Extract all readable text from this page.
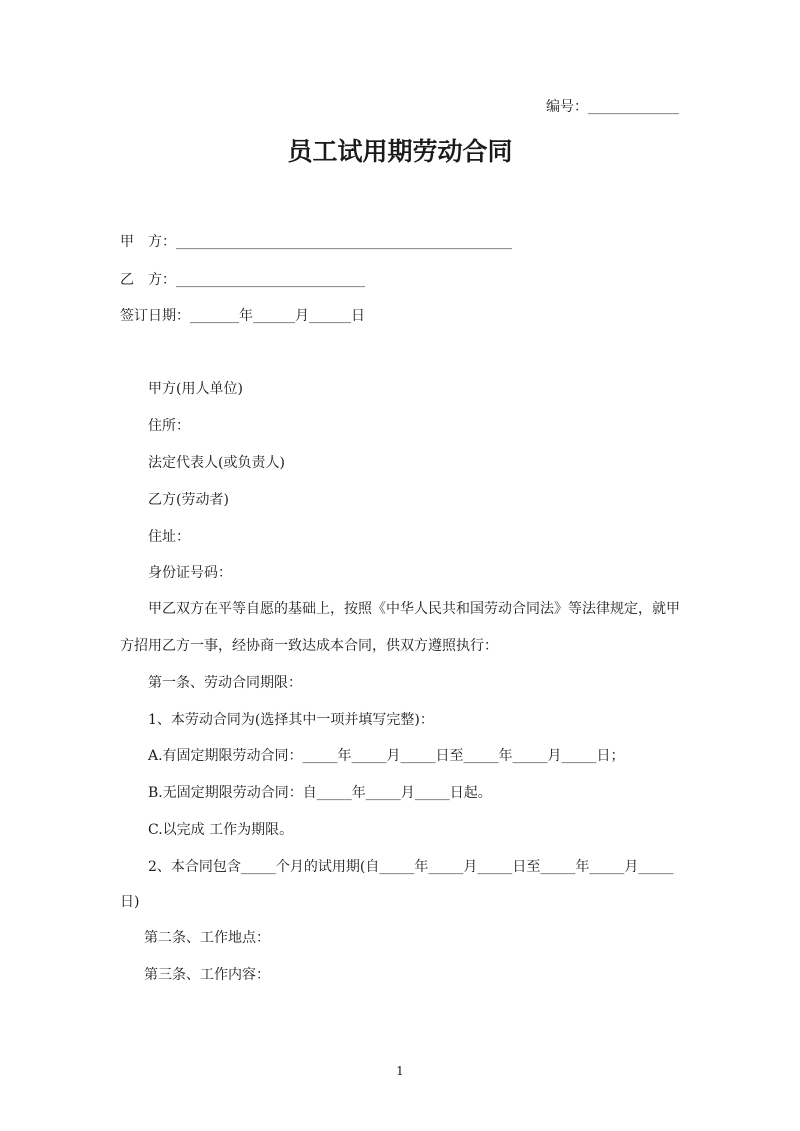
编号：_____________
员工试用期劳动合同
甲　方：________________________________________________
乙　方：___________________________
签订日期：_______年______月______日
甲方(用人单位)
住所：
法定代表人(或负责人)
乙方(劳动者)
住址：
身份证号码：
甲乙双方在平等自愿的基础上，按照《中华人民共和国劳动合同法》等法律规定，就甲
方招用乙方一事，经协商一致达成本合同，供双方遵照执行：
第一条、劳动合同期限：
1、本劳动合同为(选择其中一项并填写完整)：
A.有固定期限劳动合同：_____年_____月_____日至_____年_____月_____日；
B.无固定期限劳动合同：自_____年_____月_____日起。
C.以完成 工作为期限。
2、本合同包含_____个月的试用期(自_____年_____月_____日至_____年_____月_____
日)
第二条、工作地点：
第三条、工作内容：
1
